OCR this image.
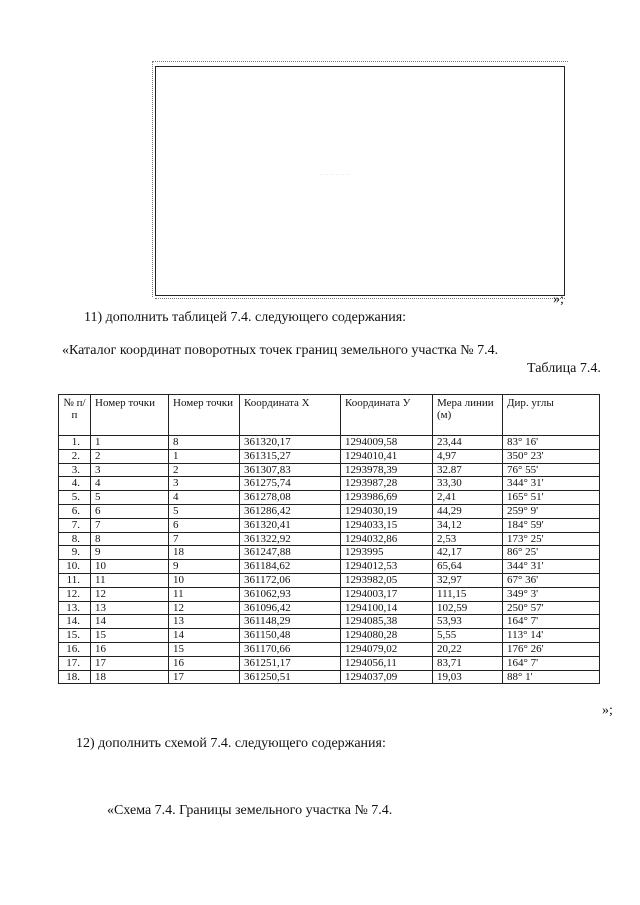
·· ·· ·· ·· ·· ··
»;
11) дополнить таблицей 7.4. следующего содержания:
«Каталог координат поворотных точек границ земельного участка № 7.4.
Таблица 7.4.
№ п/п	Номер точки	Номер точки	Координата X	Координата У	Мера линии (м)	Дир. углы
1.	1	8	361320,17	1294009,58	23,44	83° 16'
2.	2	1	361315,27	1294010,41	4,97	350° 23'
3.	3	2	361307,83	1293978,39	32.87	76° 55'
4.	4	3	361275,74	1293987,28	33,30	344° 31'
5.	5	4	361278,08	1293986,69	2,41	165° 51'
6.	6	5	361286,42	1294030,19	44,29	259° 9'
7.	7	6	361320,41	1294033,15	34,12	184° 59'
8.	8	7	361322,92	1294032,86	2,53	173° 25'
9.	9	18	361247,88	1293995	42,17	86° 25'
10.	10	9	361184,62	1294012,53	65,64	344° 31'
11.	11	10	361172,06	1293982,05	32,97	67° 36'
12.	12	11	361062,93	1294003,17	111,15	349° 3'
13.	13	12	361096,42	1294100,14	102,59	250° 57'
14.	14	13	361148,29	1294085,38	53,93	164° 7'
15.	15	14	361150,48	1294080,28	5,55	113° 14'
16.	16	15	361170,66	1294079,02	20,22	176° 26'
17.	17	16	361251,17	1294056,11	83,71	164° 7'
18.	18	17	361250,51	1294037,09	19,03	88° 1'
»;
12) дополнить схемой 7.4. следующего содержания:
«Схема 7.4. Границы земельного участка № 7.4.
